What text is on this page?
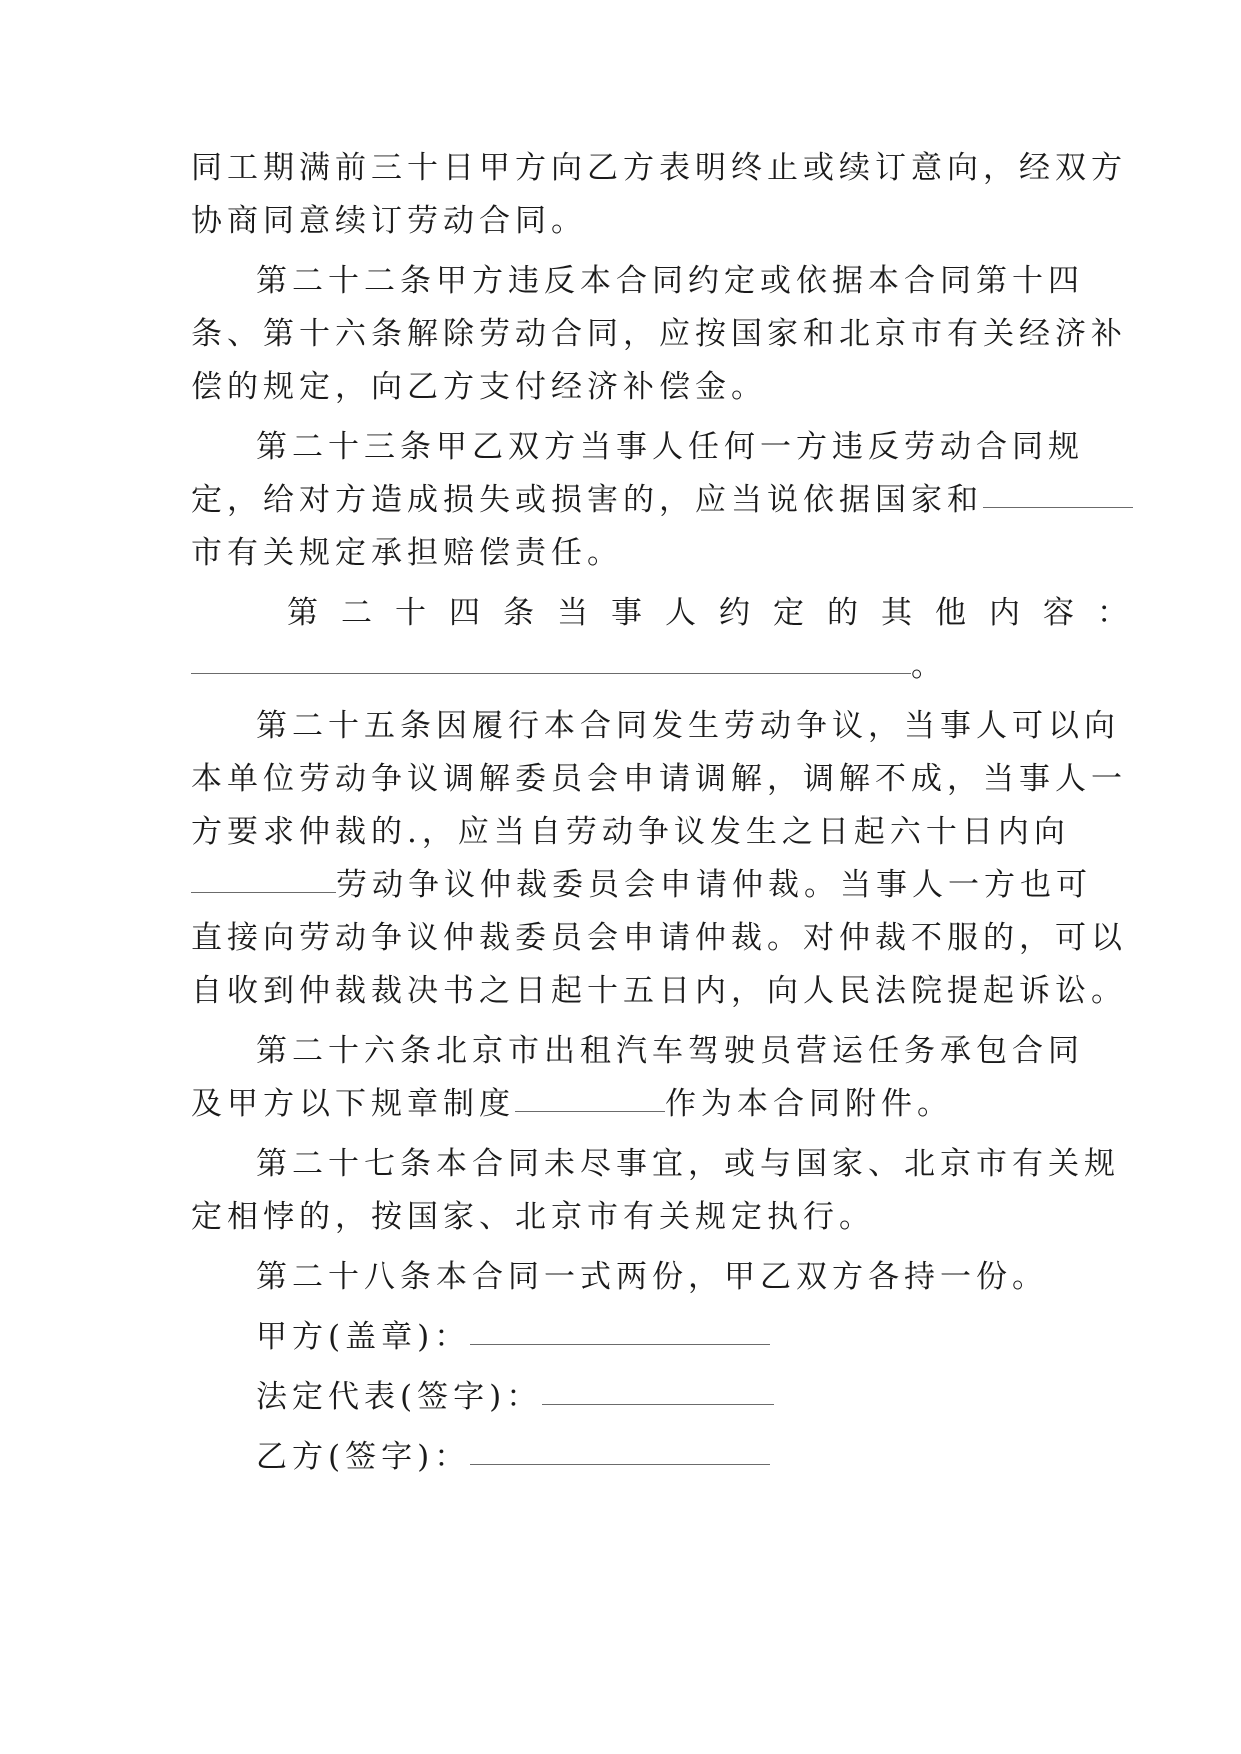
同工期满前三十日甲方向乙方表明终止或续订意向，经双方
协商同意续订劳动合同。
第二十二条甲方违反本合同约定或依据本合同第十四
条、第十六条解除劳动合同，应按国家和北京市有关经济补
偿的规定，向乙方支付经济补偿金。
第二十三条甲乙双方当事人任何一方违反劳动合同规
定，给对方造成损失或损害的，应当说依据国家和
市有关规定承担赔偿责任。
第二十四条当事人约定的其他内容：
。
第二十五条因履行本合同发生劳动争议，当事人可以向
本单位劳动争议调解委员会申请调解，调解不成，当事人一
方要求仲裁的.，应当自劳动争议发生之日起六十日内向
劳动争议仲裁委员会申请仲裁。当事人一方也可
直接向劳动争议仲裁委员会申请仲裁。对仲裁不服的，可以
自收到仲裁裁决书之日起十五日内，向人民法院提起诉讼。
第二十六条北京市出租汽车驾驶员营运任务承包合同
及甲方以下规章制度	作为本合同附件。
第二十七条本合同未尽事宜，或与国家、北京市有关规
定相悖的，按国家、北京市有关规定执行。
第二十八条本合同一式两份，甲乙双方各持一份。
甲方(盖章)：
法定代表(签字)：
乙方(签字)：
